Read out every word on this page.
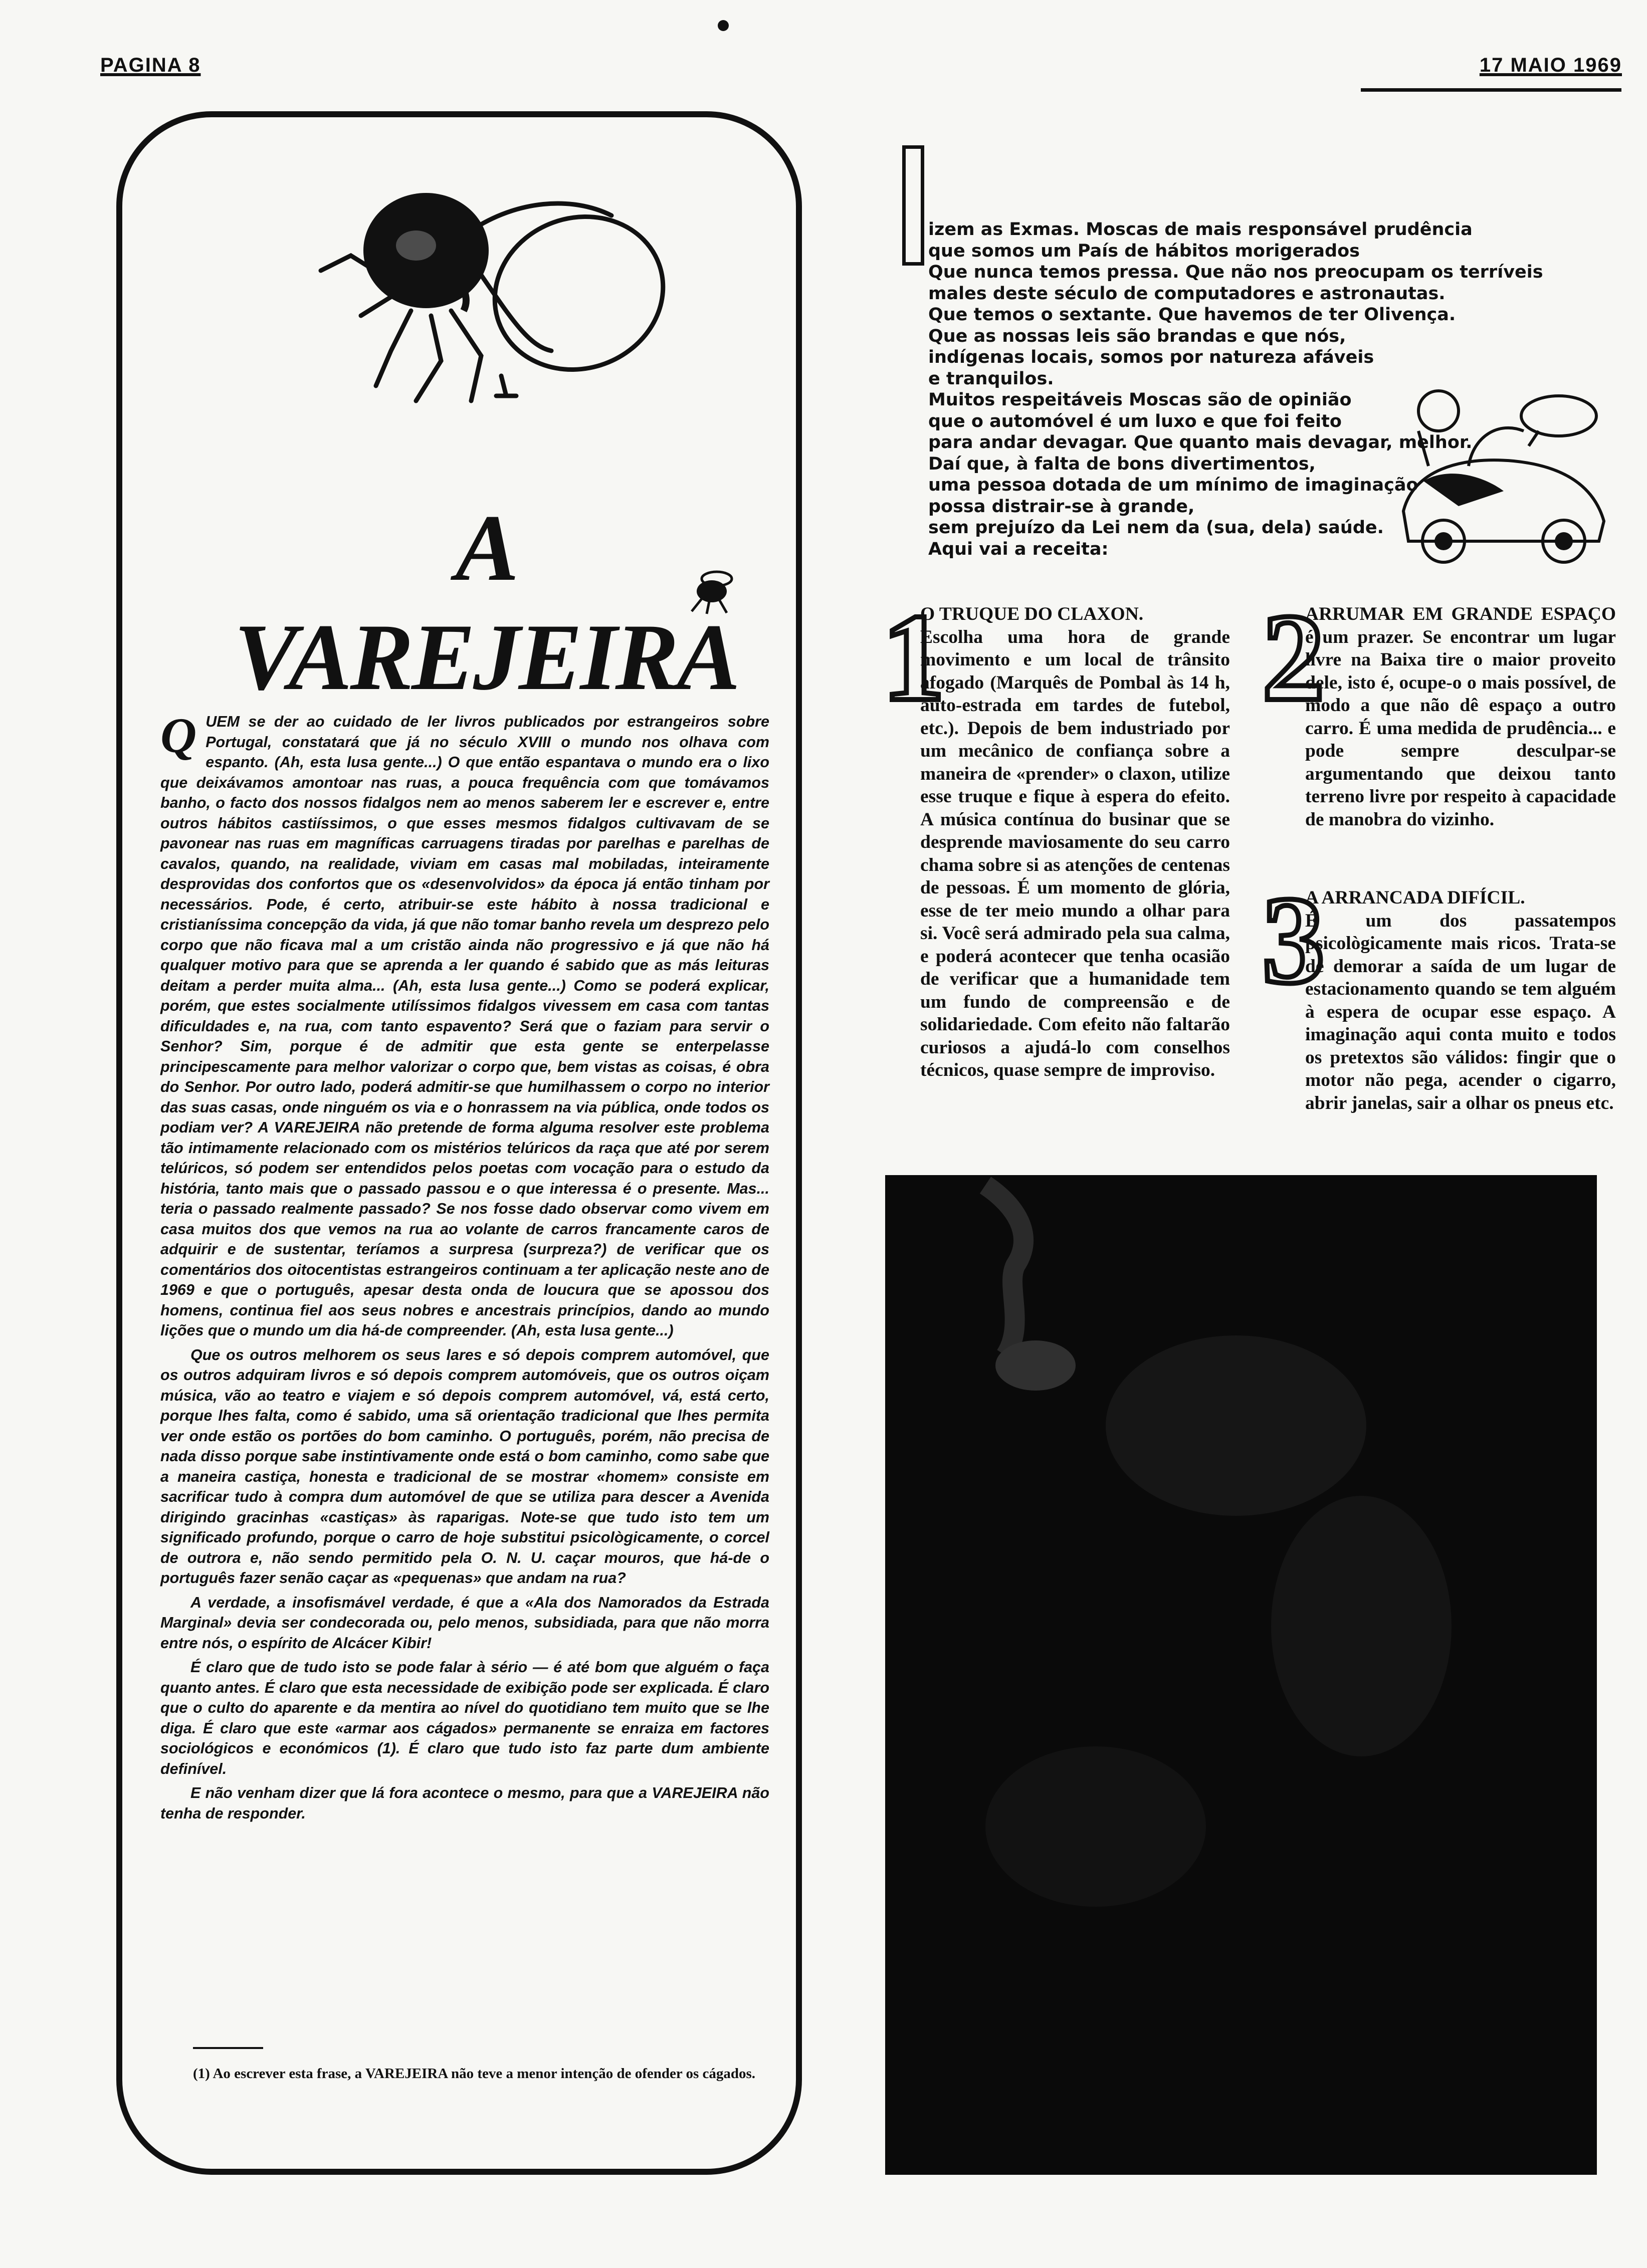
PAGINA 8	17 MAIO 1969
A VAREJEIRA

QUEM se der ao cuidado de ler livros publicados por estrangeiros sobre Portugal, constatará que já no século XVIII o mundo nos olhava com espanto. (Ah, esta lusa gente...) O que então espantava o mundo era o lixo que deixávamos amontoar nas ruas, a pouca frequência com que tomávamos banho, o facto dos nossos fidalgos nem ao menos saberem ler e escrever e, entre outros hábitos castiíssimos, o que esses mesmos fidalgos cultivavam de se pavonear nas ruas em magníficas carruagens tiradas por parelhas e parelhas de cavalos, quando, na realidade, viviam em casas mal mobiladas, inteiramente desprovidas dos confortos que os «desenvolvidos» da época já então tinham por necessários. Pode, é certo, atribuir-se este hábito à nossa tradicional e cristianíssima concepção da vida, já que não tomar banho revela um desprezo pelo corpo que não ficava mal a um cristão ainda não progressivo e já que não há qualquer motivo para que se aprenda a ler quando é sabido que as más leituras deitam a perder muita alma... (Ah, esta lusa gente...) Como se poderá explicar, porém, que estes socialmente utilíssimos fidalgos vivessem em casa com tantas dificuldades e, na rua, com tanto espavento? Será que o faziam para servir o Senhor? Sim, porque é de admitir que esta gente se enterpelasse principescamente para melhor valorizar o corpo que, bem vistas as coisas, é obra do Senhor. Por outro lado, poderá admitir-se que humilhassem o corpo no interior das suas casas, onde ninguém os via e o honrassem na via pública, onde todos os podiam ver? A VAREJEIRA não pretende de forma alguma resolver este problema tão intimamente relacionado com os mistérios telúricos da raça que até por serem telúricos, só podem ser entendidos pelos poetas com vocação para o estudo da história, tanto mais que o passado passou e o que interessa é o presente. Mas... teria o passado realmente passado? Se nos fosse dado observar como vivem em casa muitos dos que vemos na rua ao volante de carros francamente caros de adquirir e de sustentar, teríamos a surpresa (surpreza?) de verificar que os comentários dos oitocentistas estrangeiros continuam a ter aplicação neste ano de 1969 e que o português, apesar desta onda de loucura que se apossou dos homens, continua fiel aos seus nobres e ancestrais princípios, dando ao mundo lições que o mundo um dia há-de compreender. (Ah, esta lusa gente...)

Que os outros melhorem os seus lares e só depois comprem automóvel, que os outros adquiram livros e só depois comprem automóveis, que os outros oiçam música, vão ao teatro e viajem e só depois comprem automóvel, vá, está certo, porque lhes falta, como é sabido, uma sã orientação tradicional que lhes permita ver onde estão os portões do bom caminho. O português, porém, não precisa de nada disso porque sabe instintivamente onde está o bom caminho, como sabe que a maneira castiça, honesta e tradicional de se mostrar «homem» consiste em sacrificar tudo à compra dum automóvel de que se utiliza para descer a Avenida dirigindo gracinhas «castiças» às raparigas. Note-se que tudo isto tem um significado profundo, porque o carro de hoje substitui psicològicamente, o corcel de outrora e, não sendo permitido pela O. N. U. caçar mouros, que há-de o português fazer senão caçar as «pequenas» que andam na rua?

A verdade, a insofismável verdade, é que a «Ala dos Namorados da Estrada Marginal» devia ser condecorada ou, pelo menos, subsidiada, para que não morra entre nós, o espírito de Alcácer Kibir!

É claro que de tudo isto se pode falar à sério — é até bom que alguém o faça quanto antes. É claro que esta necessidade de exibição pode ser explicada. É claro que o culto do aparente e da mentira ao nível do quotidiano tem muito que se lhe diga. É claro que este «armar aos cágados» permanente se enraiza em factores sociológicos e económicos (1). É claro que tudo isto faz parte dum ambiente definível.

E não venham dizer que lá fora acontece o mesmo, para que a VAREJEIRA não tenha de responder.

(1) Ao escrever esta frase, a VAREJEIRA não teve a menor intenção de ofender os cágados.
izem as Exmas. Moscas de mais responsável prudência
que somos um País de hábitos morigerados
Que nunca temos pressa. Que não nos preocupam os terríveis
males deste século de computadores e astronautas.
Que temos o sextante. Que havemos de ter Olivença.
Que as nossas leis são brandas e que nós,
indígenas locais, somos por natureza afáveis
e tranquilos.
Muitos respeitáveis Moscas são de opinião
que o automóvel é um luxo e que foi feito
para andar devagar. Que quanto mais devagar, melhor.
Daí que, à falta de bons divertimentos,
uma pessoa dotada de um mínimo de imaginação
possa distrair-se à grande,
sem prejuízo da Lei nem da (sua, dela) saúde.
Aqui vai a receita:
1
O TRUQUE DO CLAXON.
Escolha uma hora de grande movimento e um local de trânsito afogado (Marquês de Pombal às 14 h, auto-estrada em tardes de futebol, etc.). Depois de bem industriado por um mecânico de confiança sobre a maneira de «prender» o claxon, utilize esse truque e fique à espera do efeito. A música contínua do businar que se desprende maviosamente do seu carro chama sobre si as atenções de centenas de pessoas. É um momento de glória, esse de ter meio mundo a olhar para si. Você será admirado pela sua calma, e poderá acontecer que tenha ocasião de verificar que a humanidade tem um fundo de compreensão e de solidariedade. Com efeito não faltarão curiosos a ajudá-lo com conselhos técnicos, quase sempre de improviso.
2
ARRUMAR EM GRANDE ESPAÇO é um prazer. Se encontrar um lugar livre na Baixa tire o maior proveito dele, isto é, ocupe-o o mais possível, de modo a que não dê espaço a outro carro. É uma medida de prudência... e pode sempre desculpar-se argumentando que deixou tanto terreno livre por respeito à capacidade de manobra do vizinho.
3
A ARRANCADA DIFÍCIL.
É um dos passatempos psicològicamente mais ricos. Trata-se de demorar a saída de um lugar de estacionamento quando se tem alguém à espera de ocupar esse espaço. A imaginação aqui conta muito e todos os pretextos são válidos: fingir que o motor não pega, acender o cigarro, abrir janelas, sair a olhar os pneus etc.
